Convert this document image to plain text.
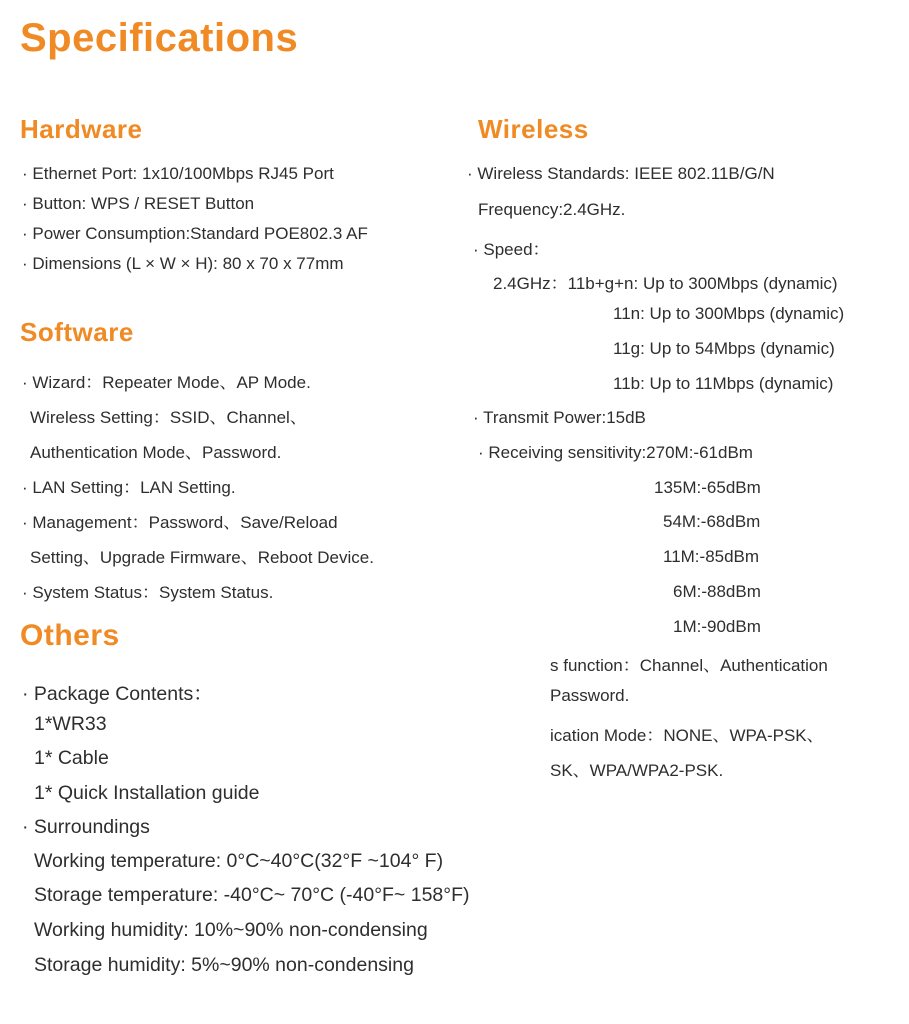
Specifications
Hardware
· Ethernet Port: 1x10/100Mbps RJ45 Port
· Button: WPS / RESET Button
· Power Consumption:Standard POE802.3 AF
· Dimensions (L × W × H): 80 x 70 x 77mm
Software
· Wizard：Repeater Mode、AP Mode.
Wireless Setting：SSID、Channel、
Authentication Mode、Password.
· LAN Setting：LAN Setting.
· Management：Password、Save/Reload
Setting、Upgrade Firmware、Reboot Device.
· System Status：System Status.
Others
· Package Contents：
1*WR33
1* Cable
1* Quick Installation guide
· Surroundings
Working temperature: 0°C~40°C(32°F ~104° F)
Storage temperature: -40°C~ 70°C (-40°F~ 158°F)
Working humidity: 10%~90% non-condensing
Storage humidity: 5%~90% non-condensing
Wireless
· Wireless Standards: IEEE 802.11B/G/N
Frequency:2.4GHz.
· Speed：
2.4GHz：11b+g+n: Up to 300Mbps (dynamic)
11n: Up to 300Mbps (dynamic)
11g: Up to 54Mbps (dynamic)
11b: Up to 11Mbps (dynamic)
· Transmit Power:15dB
· Receiving sensitivity:270M:-61dBm
135M:-65dBm
54M:-68dBm
11M:-85dBm
6M:-88dBm
1M:-90dBm
s function：Channel、Authentication
Password.
ication Mode：NONE、WPA-PSK、
SK、WPA/WPA2-PSK.
